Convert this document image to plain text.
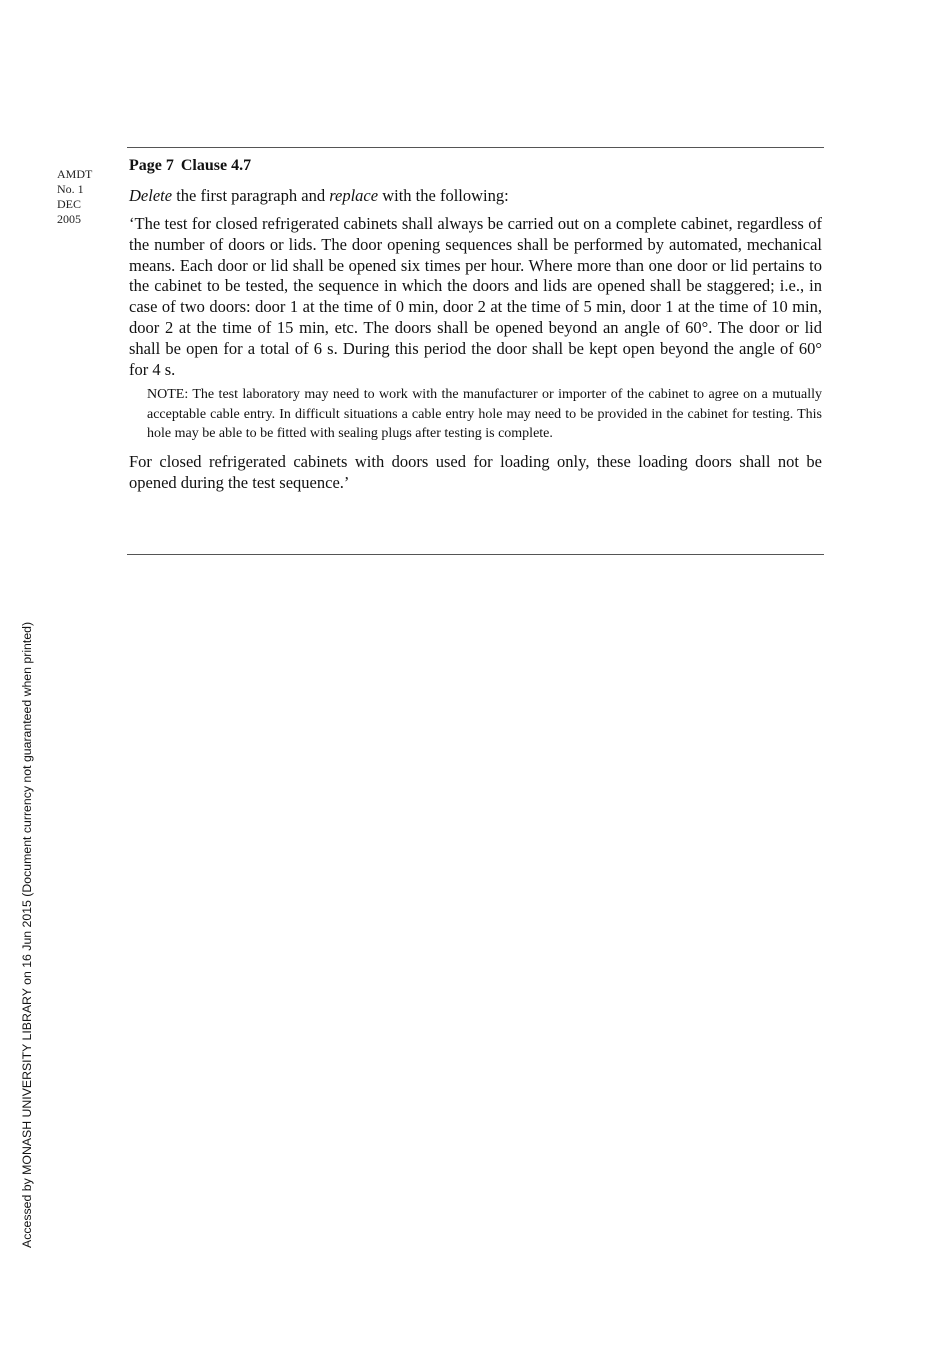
AMDT
No. 1
DEC
2005
Page 7 Clause 4.7

Delete the first paragraph and replace with the following:

‘The test for closed refrigerated cabinets shall always be carried out on a complete cabinet, regardless of the number of doors or lids. The door opening sequences shall be performed by automated, mechanical means. Each door or lid shall be opened six times per hour. Where more than one door or lid pertains to the cabinet to be tested, the sequence in which the doors and lids are opened shall be staggered; i.e., in case of two doors: door 1 at the time of 0 min, door 2 at the time of 5 min, door 1 at the time of 10 min, door 2 at the time of 15 min, etc. The doors shall be opened beyond an angle of 60°. The door or lid shall be open for a total of 6 s. During this period the door shall be kept open beyond the angle of 60° for 4 s.

NOTE: The test laboratory may need to work with the manufacturer or importer of the cabinet to agree on a mutually acceptable cable entry. In difficult situations a cable entry hole may need to be provided in the cabinet for testing. This hole may be able to be fitted with sealing plugs after testing is complete.

For closed refrigerated cabinets with doors used for loading only, these loading doors shall not be opened during the test sequence.’

Accessed by MONASH UNIVERSITY LIBRARY on 16 Jun 2015 (Document currency not guaranteed when printed)
